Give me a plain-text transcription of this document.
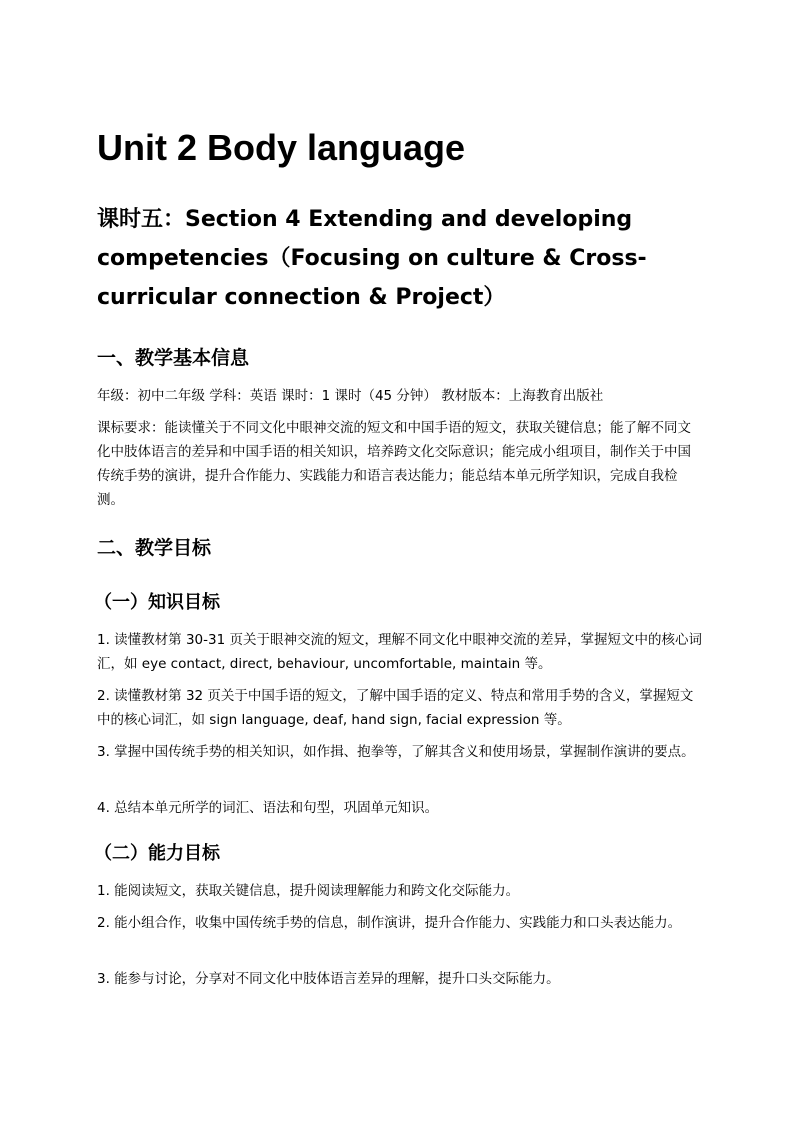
Unit 2 Body language
课时五：Section 4 Extending and developing competencies（Focusing on culture & Cross-curricular connection & Project）
一、教学基本信息

年级：初中二年级 学科：英语 课时：1 课时（45 分钟） 教材版本：上海教育出版社

课标要求：能读懂关于不同文化中眼神交流的短文和中国手语的短文，获取关键信息；能了解不同文化中肢体语言的差异和中国手语的相关知识，培养跨文化交际意识；能完成小组项目，制作关于中国传统手势的演讲，提升合作能力、实践能力和语言表达能力；能总结本单元所学知识，完成自我检测。

二、教学目标
（一）知识目标

1. 读懂教材第 30-31 页关于眼神交流的短文，理解不同文化中眼神交流的差异，掌握短文中的核心词汇，如 eye contact, direct, behaviour, uncomfortable, maintain 等。

2. 读懂教材第 32 页关于中国手语的短文，了解中国手语的定义、特点和常用手势的含义，掌握短文中的核心词汇，如 sign language, deaf, hand sign, facial expression 等。

3. 掌握中国传统手势的相关知识，如作揖、抱拳等，了解其含义和使用场景，掌握制作演讲的要点。

4. 总结本单元所学的词汇、语法和句型，巩固单元知识。

（二）能力目标

1. 能阅读短文，获取关键信息，提升阅读理解能力和跨文化交际能力。

2. 能小组合作，收集中国传统手势的信息，制作演讲，提升合作能力、实践能力和口头表达能力。

3. 能参与讨论，分享对不同文化中肢体语言差异的理解，提升口头交际能力。
